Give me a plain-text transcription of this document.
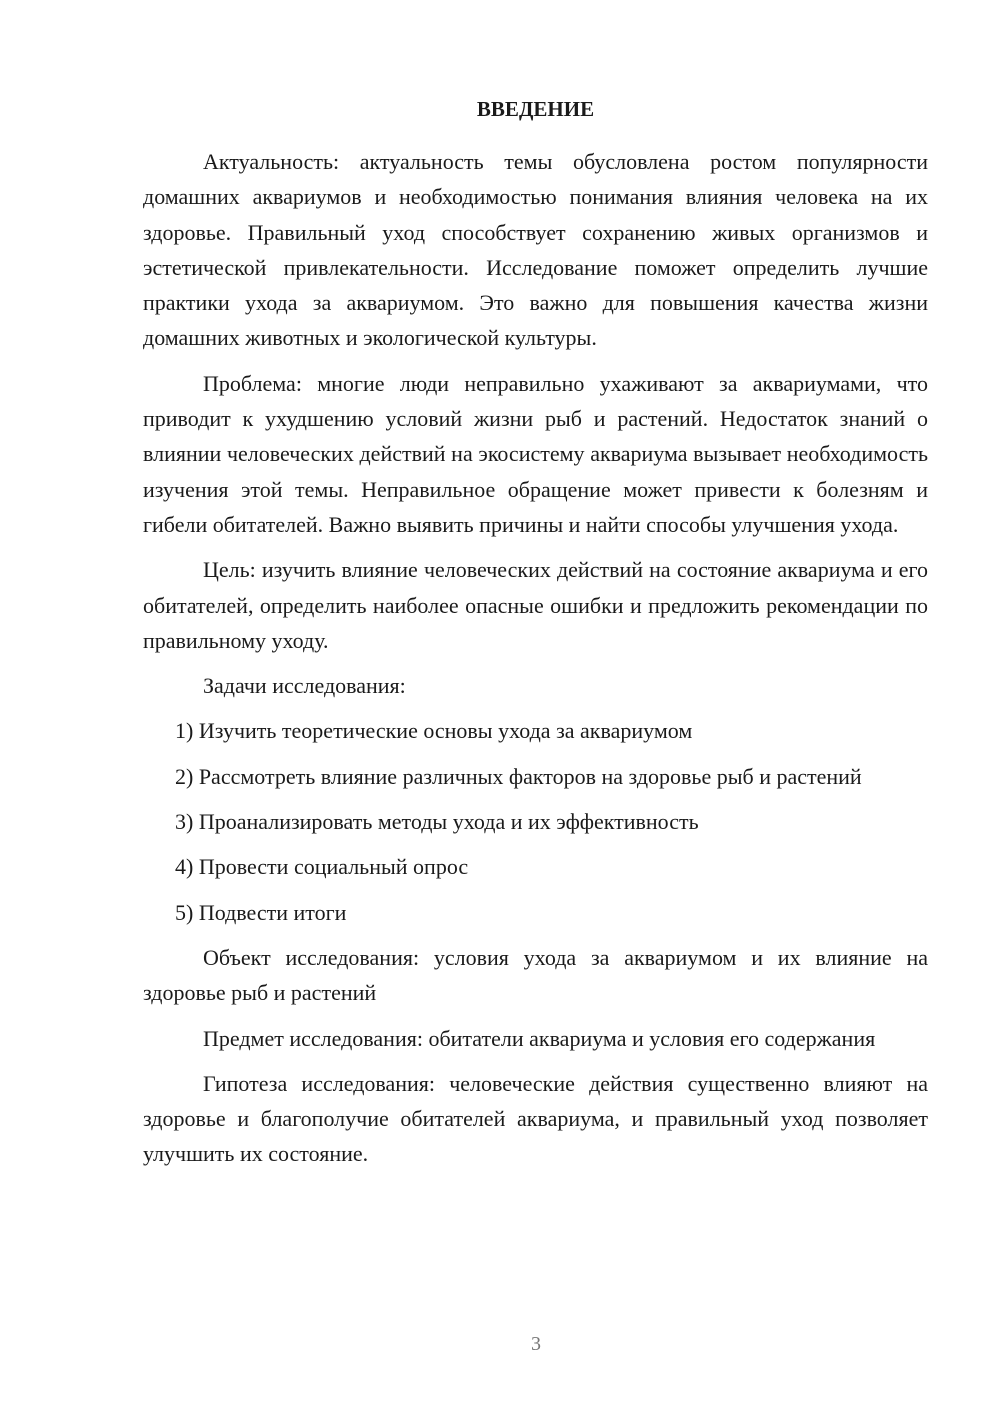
ВВЕДЕНИЕ

Актуальность: актуальность темы обусловлена ростом популярности домашних аквариумов и необходимостью понимания влияния человека на их здоровье. Правильный уход способствует сохранению живых организмов и эстетической привлекательности. Исследование поможет определить лучшие практики ухода за аквариумом. Это важно для повышения качества жизни домашних животных и экологической культуры.

Проблема: многие люди неправильно ухаживают за аквариумами, что приводит к ухудшению условий жизни рыб и растений. Недостаток знаний о влиянии человеческих действий на экосистему аквариума вызывает необходимость изучения этой темы. Неправильное обращение может привести к болезням и гибели обитателей. Важно выявить причины и найти способы улучшения ухода.

Цель: изучить влияние человеческих действий на состояние аквариума и его обитателей, определить наиболее опасные ошибки и предложить рекомендации по правильному уходу.

Задачи исследования:

1) Изучить теоретические основы ухода за аквариумом

2) Рассмотреть влияние различных факторов на здоровье рыб и растений

3) Проанализировать методы ухода и их эффективность

4) Провести социальный опрос

5) Подвести итоги

Объект исследования: условия ухода за аквариумом и их влияние на здоровье рыб и растений

Предмет исследования: обитатели аквариума и условия его содержания

Гипотеза исследования: человеческие действия существенно влияют на здоровье и благополучие обитателей аквариума, и правильный уход позволяет улучшить их состояние.

3
